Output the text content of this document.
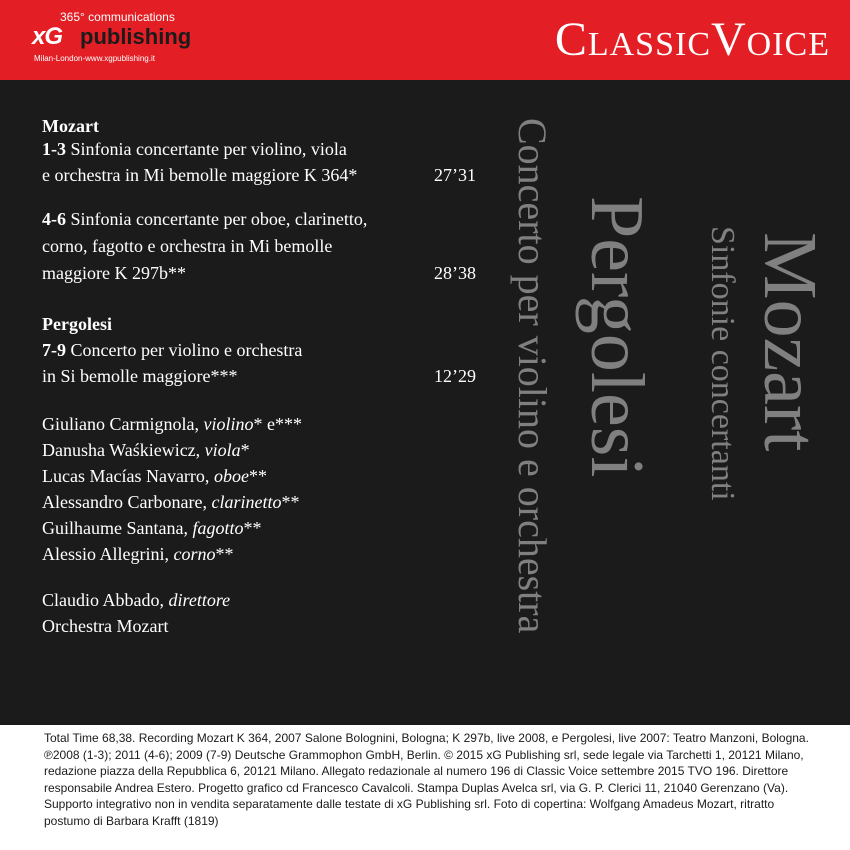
365° communications
xG publishing
Milan-London-www.xgpublishing.it	ClassicVoice
Mozart
1-3 Sinfonia concertante per violino, viola
e orchestra in Mi bemolle maggiore K 364*	27’31
4-6 Sinfonia concertante per oboe, clarinetto,
corno, fagotto e orchestra in Mi bemolle
maggiore K 297b**	28’38
Pergolesi
7-9 Concerto per violino e orchestra
in Si bemolle maggiore***	12’29
Giuliano Carmignola, violino* e***
Danusha Waśkiewicz, viola*
Lucas Macías Navarro, oboe**
Alessandro Carbonare, clarinetto**
Guilhaume Santana, fagotto**
Alessio Allegrini, corno**
Claudio Abbado, direttore
Orchestra Mozart
Mozart
Sinfonie concertanti
Pergolesi
Concerto per violino e orchestra
Total Time 68,38. Recording Mozart K 364, 2007 Salone Bolognini, Bologna; K 297b, live 2008, e Pergolesi, live 2007: Teatro Manzoni, Bologna. ℗2008 (1-3); 2011 (4-6); 2009 (7-9) Deutsche Grammophon GmbH, Berlin. © 2015 xG Publishing srl, sede legale via Tarchetti 1, 20121 Milano, redazione piazza della Repubblica 6, 20121 Milano. Allegato redazionale al numero 196 di Classic Voice settembre 2015 TVO 196. Direttore responsabile Andrea Estero. Progetto grafico cd Francesco Cavalcoli. Stampa Duplas Avelca srl, via G. P. Clerici 11, 21040 Gerenzano (Va). Supporto integrativo non in vendita separatamente dalle testate di xG Publishing srl. Foto di copertina: Wolfgang Amadeus Mozart, ritratto postumo di Barbara Krafft (1819)
